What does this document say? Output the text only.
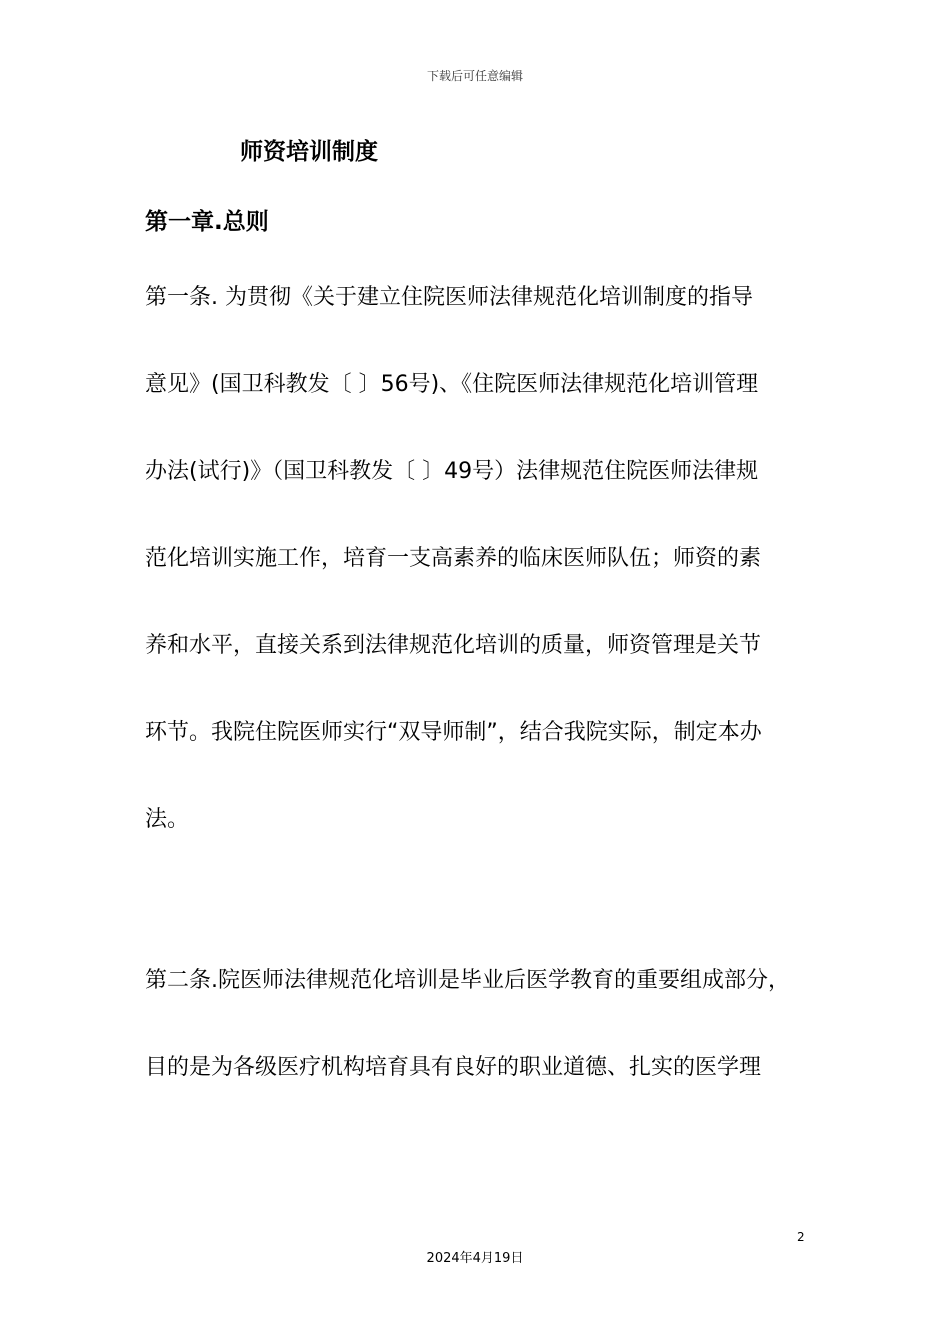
下载后可任意编辑
师资培训制度
第一章.总则
第一条. 为贯彻《关于建立住院医师法律规范化培训制度的指导
意见》(国卫科教发〔 〕56号)、《住院医师法律规范化培训管理
办法(试行)》（国卫科教发〔 〕49号）法律规范住院医师法律规
范化培训实施工作，培育一支高素养的临床医师队伍；师资的素
养和水平，直接关系到法律规范化培训的质量，师资管理是关节
环节。我院住院医师实行“双导师制”，结合我院实际，制定本办
法。
第二条.院医师法律规范化培训是毕业后医学教育的重要组成部分，
目的是为各级医疗机构培育具有良好的职业道德、扎实的医学理
2
2024年4月19日
